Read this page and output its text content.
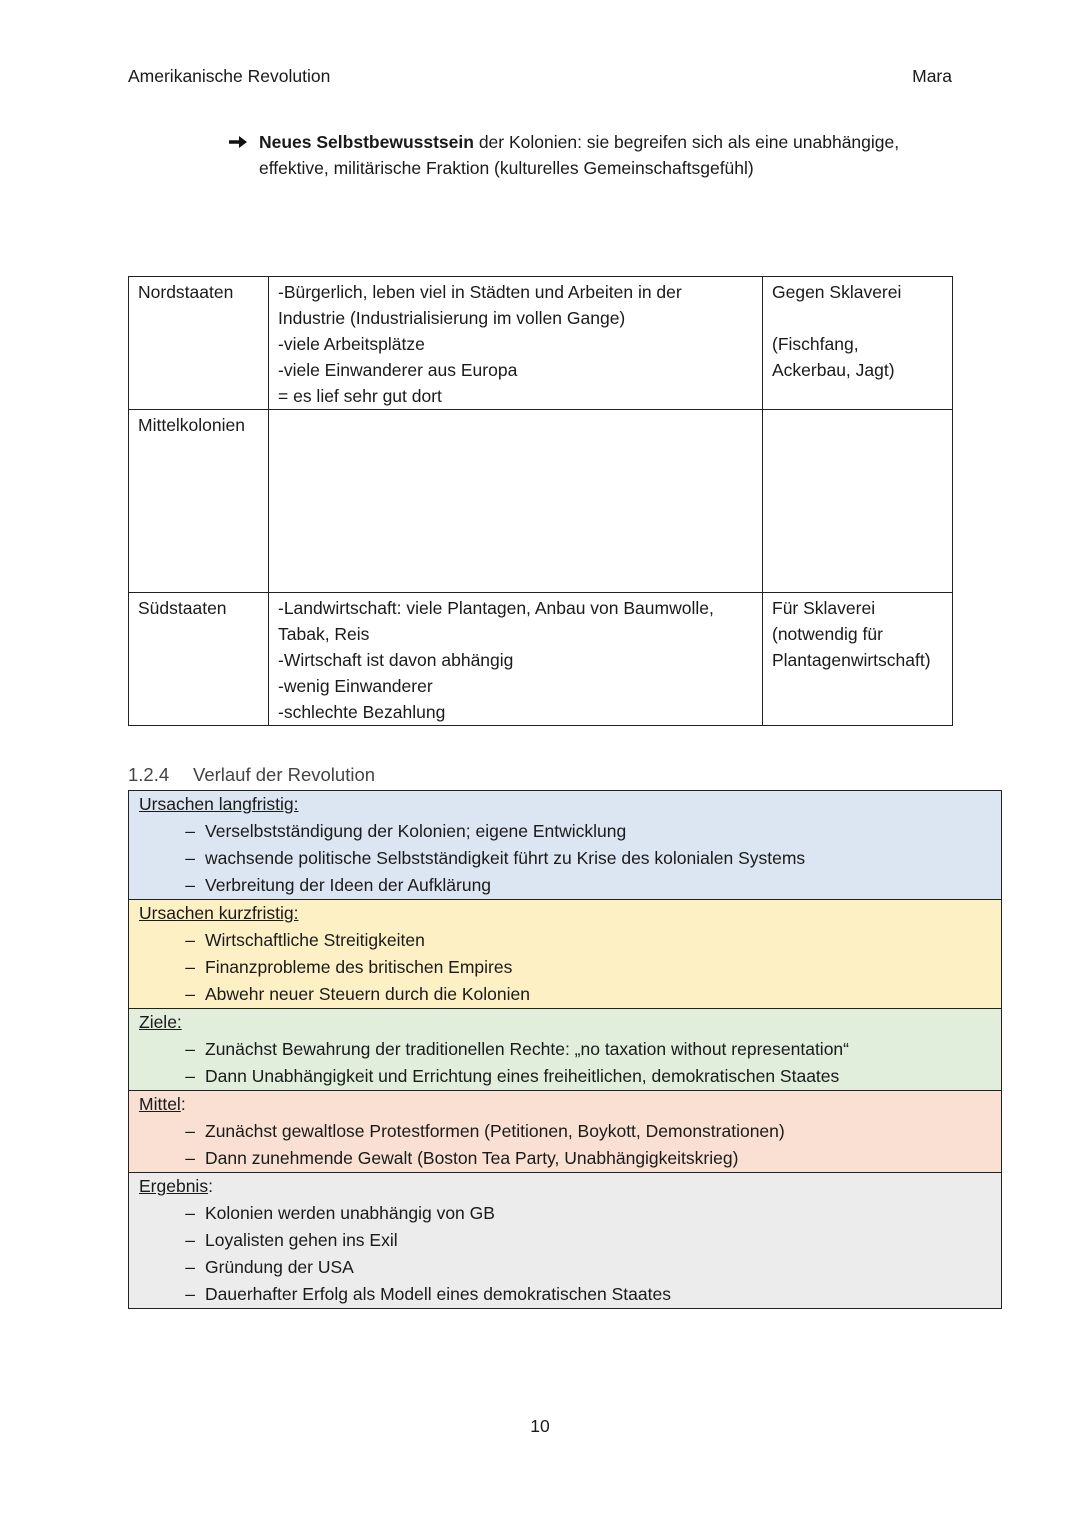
Amerikanische Revolution	Mara
Neues Selbstbewusstsein der Kolonien: sie begreifen sich als eine unabhängige,
effektive, militärische Fraktion (kulturelles Gemeinschaftsgefühl)
Nordstaaten	-Bürgerlich, leben viel in Städten und Arbeiten in der
Industrie (Industrialisierung im vollen Gange)
-viele Arbeitsplätze
-viele Einwanderer aus Europa
= es lief sehr gut dort	Gegen Sklaverei
(Fischfang,
Ackerbau, Jagt)

Mittelkolonien		

Südstaaten	-Landwirtschaft: viele Plantagen, Anbau von Baumwolle,
Tabak, Reis
-Wirtschaft ist davon abhängig
-wenig Einwanderer
-schlechte Bezahlung	Für Sklaverei
(notwendig für
Plantagenwirtschaft)
1.2.4	Verlauf der Revolution
Ursachen langfristig:
– Verselbstständigung der Kolonien; eigene Entwicklung
– wachsende politische Selbstständigkeit führt zu Krise des kolonialen Systems
– Verbreitung der Ideen der Aufklärung
Ursachen kurzfristig:
– Wirtschaftliche Streitigkeiten
– Finanzprobleme des britischen Empires
– Abwehr neuer Steuern durch die Kolonien
Ziele:
– Zunächst Bewahrung der traditionellen Rechte: „no taxation without representation“
– Dann Unabhängigkeit und Errichtung eines freiheitlichen, demokratischen Staates
Mittel:
– Zunächst gewaltlose Protestformen (Petitionen, Boykott, Demonstrationen)
– Dann zunehmende Gewalt (Boston Tea Party, Unabhängigkeitskrieg)
Ergebnis:
– Kolonien werden unabhängig von GB
– Loyalisten gehen ins Exil
– Gründung der USA
– Dauerhafter Erfolg als Modell eines demokratischen Staates
10
